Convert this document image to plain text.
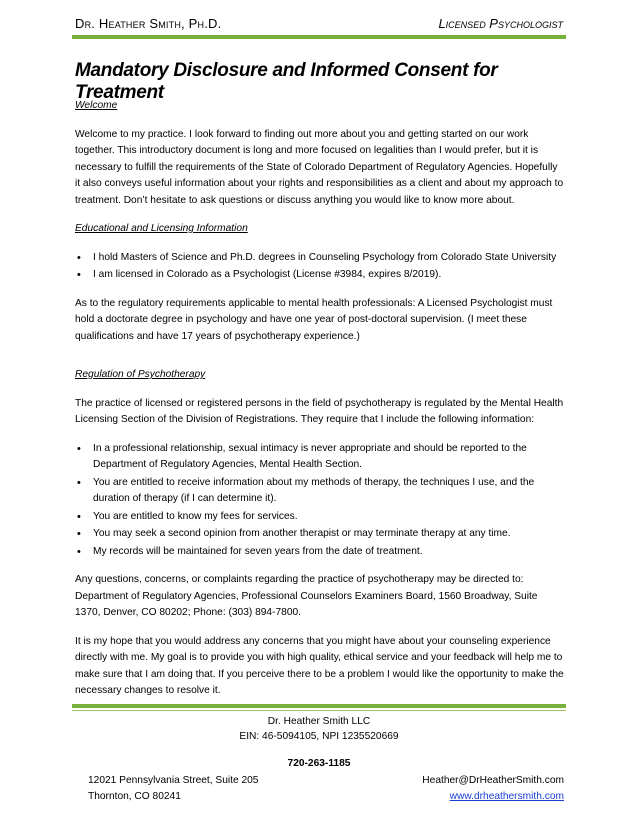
Dr. Heather Smith, Ph.D.	Licensed Psychologist
Mandatory Disclosure and Informed Consent for Treatment
Welcome

Welcome to my practice. I look forward to finding out more about you and getting started on our work together. This introductory document is long and more focused on legalities than I would prefer, but it is necessary to fulfill the requirements of the State of Colorado Department of Regulatory Agencies. Hopefully it also conveys useful information about your rights and responsibilities as a client and about my approach to treatment. Don’t hesitate to ask questions or discuss anything you would like to know more about.

Educational and Licensing Information
• I hold Masters of Science and Ph.D. degrees in Counseling Psychology from Colorado State University
• I am licensed in Colorado as a Psychologist (License #3984, expires 8/2019).

As to the regulatory requirements applicable to mental health professionals: A Licensed Psychologist must hold a doctorate degree in psychology and have one year of post-doctoral supervision. (I meet these qualifications and have 17 years of psychotherapy experience.)

Regulation of Psychotherapy

The practice of licensed or registered persons in the field of psychotherapy is regulated by the Mental Health Licensing Section of the Division of Registrations. They require that I include the following information:

• In a professional relationship, sexual intimacy is never appropriate and should be reported to the Department of Regulatory Agencies, Mental Health Section.
• You are entitled to receive information about my methods of therapy, the techniques I use, and the duration of therapy (if I can determine it).
• You are entitled to know my fees for services.
• You may seek a second opinion from another therapist or may terminate therapy at any time.
• My records will be maintained for seven years from the date of treatment.

Any questions, concerns, or complaints regarding the practice of psychotherapy may be directed to: Department of Regulatory Agencies, Professional Counselors Examiners Board, 1560 Broadway, Suite 1370, Denver, CO 80202; Phone: (303) 894-7800.

It is my hope that you would address any concerns that you might have about your counseling experience directly with me. My goal is to provide you with high quality, ethical service and your feedback will help me to make sure that I am doing that. If you perceive there to be a problem I would like the opportunity to make the necessary changes to resolve it.

Dr. Heather Smith LLC
EIN: 46-5094105, NPI 1235520669
720-263-1185
12021 Pennsylvania Street, Suite 205
Thornton, CO 80241
Heather@DrHeatherSmith.com
www.drheathersmith.com
